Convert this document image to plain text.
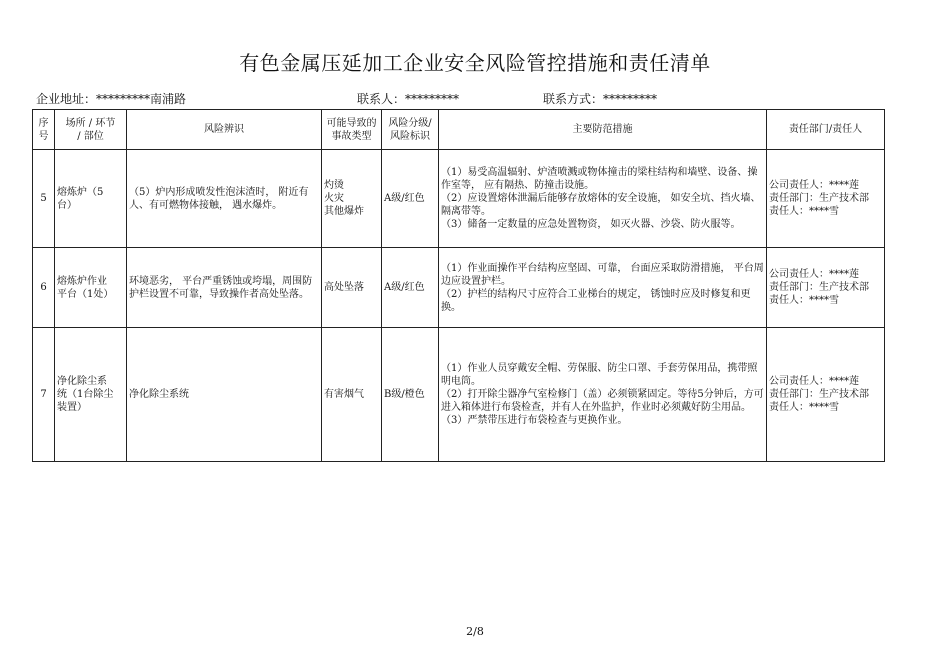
有色金属压延加工企业安全风险管控措施和责任清单
企业地址：*********南浦路	联系人：*********	联系方式：*********
序
号	场所 / 环节
/ 部位	风险辨识	可能导致的
事故类型	风险分级/
风险标识	主要防范措施	责任部门/责任人
5	熔炼炉（5
台）	（5）炉内形成喷发性泡沫渣时， 附近有人、有可燃物体接触， 遇水爆炸。	灼烫
火灾
其他爆炸	A级/红色	（1）易受高温辐射、炉渣喷溅或物体撞击的梁柱结构和墙壁、设备、操作室等， 应有隔热、防撞击设施。
（2）应设置熔体泄漏后能够存放熔体的安全设施， 如安全坑、挡火墙、隔离带等。
（3）储备一定数量的应急处置物资， 如灭火器、沙袋、防火服等。	公司责任人：****莲
责任部门：生产技术部
责任人：****雪
6	熔炼炉作业
平台（1处）	环境恶劣， 平台严重锈蚀或垮塌，周围防护栏设置不可靠，导致操作者高处坠落。	高处坠落	A级/红色	（1）作业面操作平台结构应坚固、可靠， 台面应采取防滑措施， 平台周边应设置护栏。
（2）护栏的结构尺寸应符合工业梯台的规定， 锈蚀时应及时修复和更换。	公司责任人：****莲
责任部门：生产技术部
责任人：****雪
7	净化除尘系
统（1台除尘
装置）	净化除尘系统	有害烟气	B级/橙色	（1）作业人员穿戴安全帽、劳保服、防尘口罩、手套劳保用品，携带照明电筒。
（2）打开除尘器净气室检修门（盖）必须锁紧固定。等待5分钟后，方可进入箱体进行布袋检查，并有人在外监护，作业时必须戴好防尘用品。
（3）严禁带压进行布袋检查与更换作业。	公司责任人：****莲
责任部门：生产技术部
责任人：****雪
2/8
